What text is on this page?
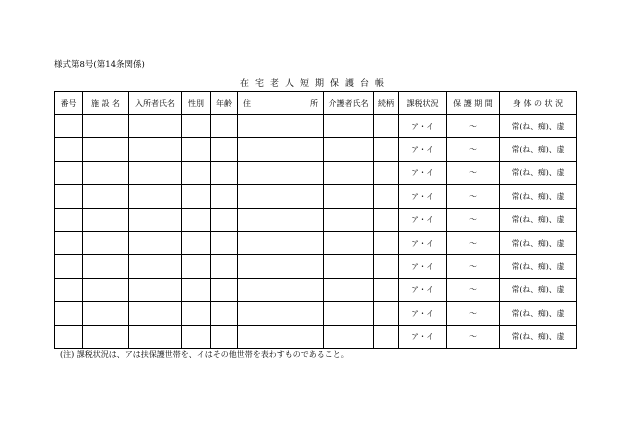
様式第8号(第14条関係)
在宅老人短期保護台帳
番号	施 設 名	入所者氏名	性別	年齢	住 所	介護者氏名	続柄	課税状況	保 護 期 間	身 体 の 状 況
								ア・イ	～	常(ね、痴)、虚
								ア・イ	～	常(ね、痴)、虚
								ア・イ	～	常(ね、痴)、虚
								ア・イ	～	常(ね、痴)、虚
								ア・イ	～	常(ね、痴)、虚
								ア・イ	～	常(ね、痴)、虚
								ア・イ	～	常(ね、痴)、虚
								ア・イ	～	常(ね、痴)、虚
								ア・イ	～	常(ね、痴)、虚
								ア・イ	～	常(ね、痴)、虚
(注) 課税状況は、アは扶保護世帯を、イはその他世帯を表わすものであること。
